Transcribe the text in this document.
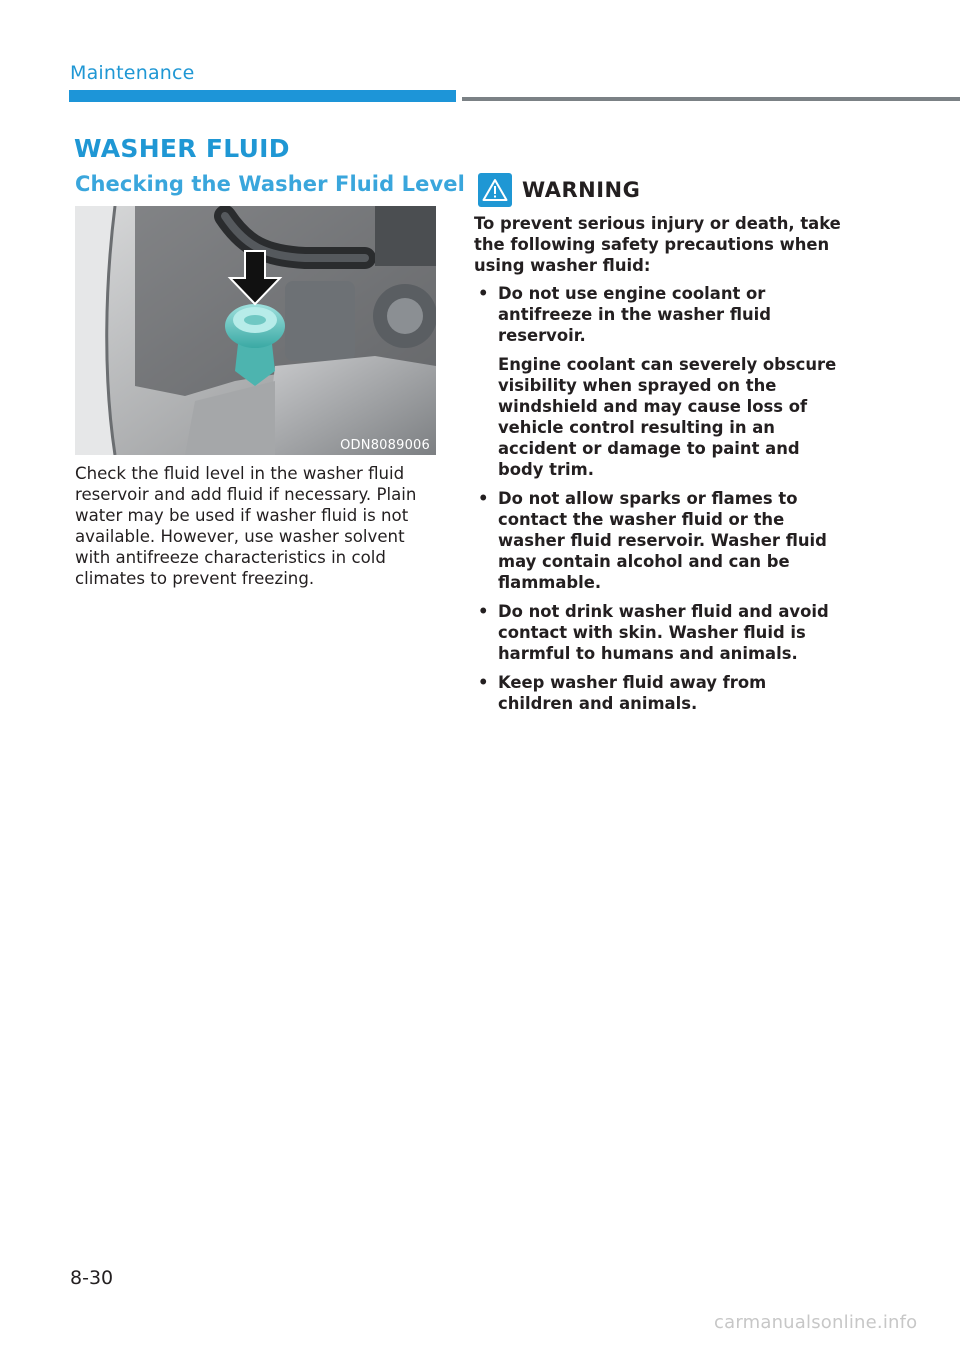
Maintenance
WASHER FLUID
Checking the Washer Fluid Level
ODN8089006
Check the fluid level in the washer fluid reservoir and add fluid if necessary. Plain water may be used if washer fluid is not available. However, use washer solvent with antifreeze characteristics in cold climates to prevent freezing.
WARNING
To prevent serious injury or death, take the following safety precautions when using washer fluid:
• Do not use engine coolant or antifreeze in the washer fluid reservoir.
Engine coolant can severely obscure visibility when sprayed on the windshield and may cause loss of vehicle control resulting in an accident or damage to paint and body trim.
• Do not allow sparks or flames to contact the washer fluid or the washer fluid reservoir. Washer fluid may contain alcohol and can be flammable.
• Do not drink washer fluid and avoid contact with skin. Washer fluid is harmful to humans and animals.
• Keep washer fluid away from children and animals.
8-30
carmanualsonline.info
